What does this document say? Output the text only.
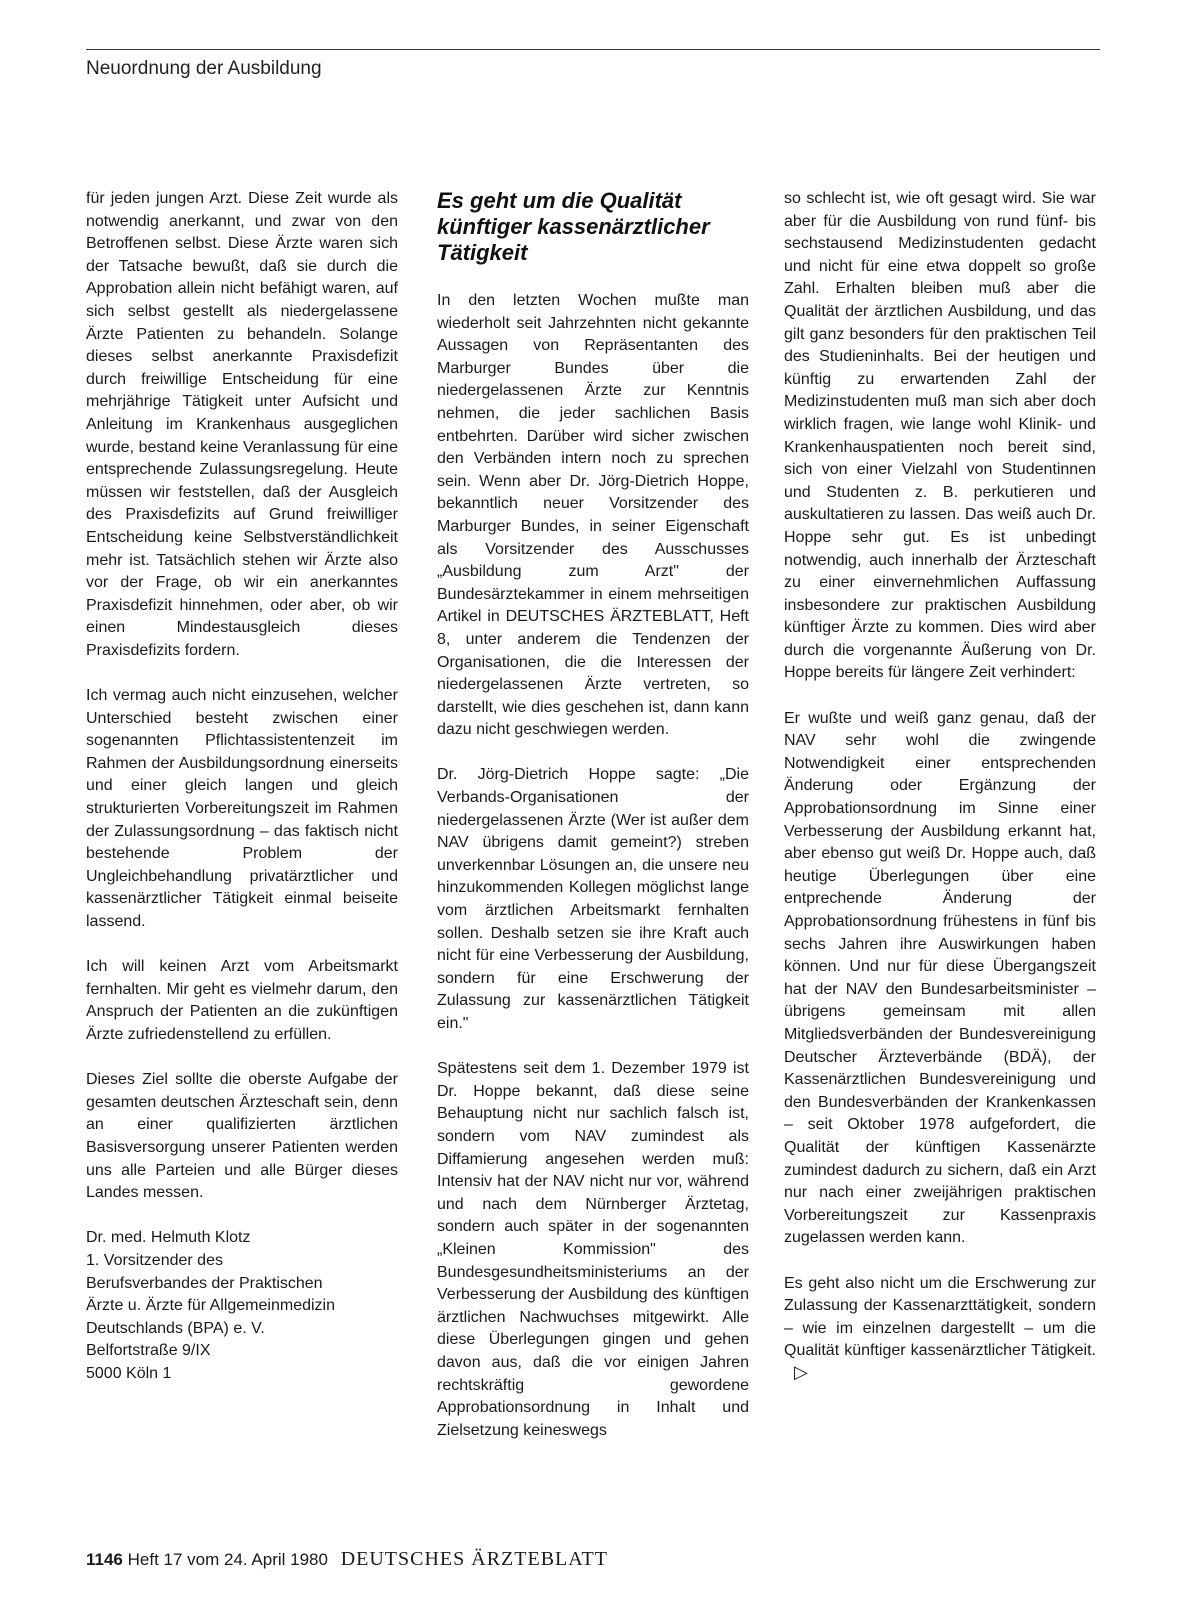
Neuordnung der Ausbildung

für jeden jungen Arzt. Diese Zeit wurde als notwendig anerkannt, und zwar von den Betroffenen selbst. Diese Ärzte waren sich der Tatsache bewußt, daß sie durch die Approbation allein nicht befähigt waren, auf sich selbst gestellt als niedergelassene Ärzte Patienten zu behandeln. Solange dieses selbst anerkannte Praxisdefizit durch freiwillige Entscheidung für eine mehrjährige Tätigkeit unter Aufsicht und Anleitung im Krankenhaus ausgeglichen wurde, bestand keine Veranlassung für eine entsprechende Zulassungsregelung. Heute müssen wir feststellen, daß der Ausgleich des Praxisdefizits auf Grund freiwilliger Entscheidung keine Selbstverständlichkeit mehr ist. Tatsächlich stehen wir Ärzte also vor der Frage, ob wir ein anerkanntes Praxisdefizit hinnehmen, oder aber, ob wir einen Mindestausgleich dieses Praxisdefizits fordern.

Ich vermag auch nicht einzusehen, welcher Unterschied besteht zwischen einer sogenannten Pflichtassistentenzeit im Rahmen der Ausbildungsordnung einerseits und einer gleich langen und gleich strukturierten Vorbereitungszeit im Rahmen der Zulassungsordnung – das faktisch nicht bestehende Problem der Ungleichbehandlung privatärztlicher und kassenärztlicher Tätigkeit einmal beiseite lassend.

Ich will keinen Arzt vom Arbeitsmarkt fernhalten. Mir geht es vielmehr darum, den Anspruch der Patienten an die zukünftigen Ärzte zufriedenstellend zu erfüllen.

Dieses Ziel sollte die oberste Aufgabe der gesamten deutschen Ärzteschaft sein, denn an einer qualifizierten ärztlichen Basisversorgung unserer Patienten werden uns alle Parteien und alle Bürger dieses Landes messen.

Dr. med. Helmuth Klotz
1. Vorsitzender des
Berufsverbandes der Praktischen
Ärzte u. Ärzte für Allgemeinmedizin
Deutschlands (BPA) e. V.
Belfortstraße 9/IX
5000 Köln 1
Es geht um die Qualität künftiger kassenärztlicher Tätigkeit

In den letzten Wochen mußte man wiederholt seit Jahrzehnten nicht gekannte Aussagen von Repräsentanten des Marburger Bundes über die niedergelassenen Ärzte zur Kenntnis nehmen, die jeder sachlichen Basis entbehrten. Darüber wird sicher zwischen den Verbänden intern noch zu sprechen sein. Wenn aber Dr. Jörg-Dietrich Hoppe, bekanntlich neuer Vorsitzender des Marburger Bundes, in seiner Eigenschaft als Vorsitzender des Ausschusses „Ausbildung zum Arzt" der Bundesärztekammer in einem mehrseitigen Artikel in DEUTSCHES ÄRZTEBLATT, Heft 8, unter anderem die Tendenzen der Organisationen, die die Interessen der niedergelassenen Ärzte vertreten, so darstellt, wie dies geschehen ist, dann kann dazu nicht geschwiegen werden.

Dr. Jörg-Dietrich Hoppe sagte: „Die Verbands-Organisationen der niedergelassenen Ärzte (Wer ist außer dem NAV übrigens damit gemeint?) streben unverkennbar Lösungen an, die unsere neu hinzukommenden Kollegen möglichst lange vom ärztlichen Arbeitsmarkt fernhalten sollen. Deshalb setzen sie ihre Kraft auch nicht für eine Verbesserung der Ausbildung, sondern für eine Erschwerung der Zulassung zur kassenärztlichen Tätigkeit ein."

Spätestens seit dem 1. Dezember 1979 ist Dr. Hoppe bekannt, daß diese seine Behauptung nicht nur sachlich falsch ist, sondern vom NAV zumindest als Diffamierung angesehen werden muß: Intensiv hat der NAV nicht nur vor, während und nach dem Nürnberger Ärztetag, sondern auch später in der sogenannten „Kleinen Kommission" des Bundesgesundheitsministeriums an der Verbesserung der Ausbildung des künftigen ärztlichen Nachwuchses mitgewirkt. Alle diese Überlegungen gingen und gehen davon aus, daß die vor einigen Jahren rechtskräftig gewordene Approbationsordnung in Inhalt und Zielsetzung keineswegs

so schlecht ist, wie oft gesagt wird. Sie war aber für die Ausbildung von rund fünf- bis sechstausend Medizinstudenten gedacht und nicht für eine etwa doppelt so große Zahl. Erhalten bleiben muß aber die Qualität der ärztlichen Ausbildung, und das gilt ganz besonders für den praktischen Teil des Studieninhalts. Bei der heutigen und künftig zu erwartenden Zahl der Medizinstudenten muß man sich aber doch wirklich fragen, wie lange wohl Klinik- und Krankenhauspatienten noch bereit sind, sich von einer Vielzahl von Studentinnen und Studenten z. B. perkutieren und auskultatieren zu lassen. Das weiß auch Dr. Hoppe sehr gut. Es ist unbedingt notwendig, auch innerhalb der Ärzteschaft zu einer einvernehmlichen Auffassung insbesondere zur praktischen Ausbildung künftiger Ärzte zu kommen. Dies wird aber durch die vorgenannte Äußerung von Dr. Hoppe bereits für längere Zeit verhindert:

Er wußte und weiß ganz genau, daß der NAV sehr wohl die zwingende Notwendigkeit einer entsprechenden Änderung oder Ergänzung der Approbationsordnung im Sinne einer Verbesserung der Ausbildung erkannt hat, aber ebenso gut weiß Dr. Hoppe auch, daß heutige Überlegungen über eine entprechende Änderung der Approbationsordnung frühestens in fünf bis sechs Jahren ihre Auswirkungen haben können. Und nur für diese Übergangszeit hat der NAV den Bundesarbeitsminister – übrigens gemeinsam mit allen Mitgliedsverbänden der Bundesvereinigung Deutscher Ärzteverbände (BDÄ), der Kassenärztlichen Bundesvereinigung und den Bundesverbänden der Krankenkassen – seit Oktober 1978 aufgefordert, die Qualität der künftigen Kassenärzte zumindest dadurch zu sichern, daß ein Arzt nur nach einer zweijährigen praktischen Vorbereitungszeit zur Kassenpraxis zugelassen werden kann.

Es geht also nicht um die Erschwerung zur Zulassung der Kassenarzttätigkeit, sondern – wie im einzelnen dargestellt – um die Qualität künftiger kassenärztlicher Tätigkeit.▷

1146 Heft 17 vom 24. April 1980 DEUTSCHES ÄRZTEBLATT
